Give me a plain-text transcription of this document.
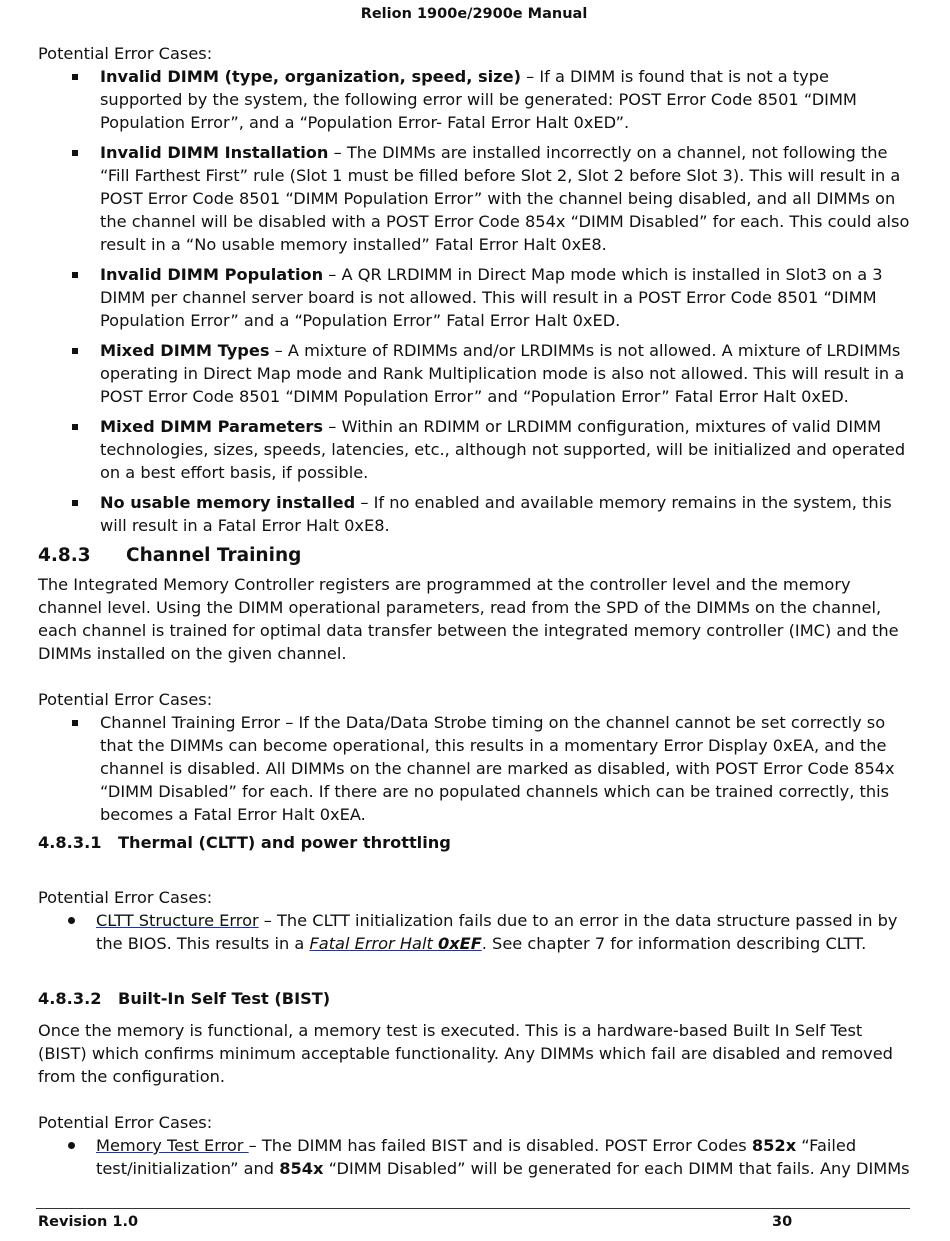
Relion 1900e/2900e Manual

Potential Error Cases:

Invalid DIMM (type, organization, speed, size) – If a DIMM is found that is not a type supported by the system, the following error will be generated: POST Error Code 8501 “DIMM Population Error”, and a “Population Error- Fatal Error Halt 0xED”.
Invalid DIMM Installation – The DIMMs are installed incorrectly on a channel, not following the “Fill Farthest First” rule (Slot 1 must be filled before Slot 2, Slot 2 before Slot 3). This will result in a POST Error Code 8501 “DIMM Population Error” with the channel being disabled, and all DIMMs on the channel will be disabled with a POST Error Code 854x “DIMM Disabled” for each. This could also result in a “No usable memory installed” Fatal Error Halt 0xE8.
Invalid DIMM Population – A QR LRDIMM in Direct Map mode which is installed in Slot3 on a 3 DIMM per channel server board is not allowed. This will result in a POST Error Code 8501 “DIMM Population Error” and a “Population Error” Fatal Error Halt 0xED.
Mixed DIMM Types – A mixture of RDIMMs and/or LRDIMMs is not allowed. A mixture of LRDIMMs operating in Direct Map mode and Rank Multiplication mode is also not allowed. This will result in a POST Error Code 8501 “DIMM Population Error” and “Population Error” Fatal Error Halt 0xED.
Mixed DIMM Parameters – Within an RDIMM or LRDIMM configuration, mixtures of valid DIMM technologies, sizes, speeds, latencies, etc., although not supported, will be initialized and operated on a best effort basis, if possible.
No usable memory installed – If no enabled and available memory remains in the system, this will result in a Fatal Error Halt 0xE8.
4.8.3 Channel Training

The Integrated Memory Controller registers are programmed at the controller level and the memory channel level. Using the DIMM operational parameters, read from the SPD of the DIMMs on the channel, each channel is trained for optimal data transfer between the integrated memory controller (IMC) and the DIMMs installed on the given channel.

Potential Error Cases:

Channel Training Error – If the Data/Data Strobe timing on the channel cannot be set correctly so that the DIMMs can become operational, this results in a momentary Error Display 0xEA, and the channel is disabled. All DIMMs on the channel are marked as disabled, with POST Error Code 854x “DIMM Disabled” for each. If there are no populated channels which can be trained correctly, this becomes a Fatal Error Halt 0xEA.
4.8.3.1 Thermal (CLTT) and power throttling

Potential Error Cases:

CLTT Structure Error – The CLTT initialization fails due to an error in the data structure passed in by the BIOS. This results in a Fatal Error Halt 0xEF. See chapter 7 for information describing CLTT.
4.8.3.2 Built-In Self Test (BIST)

Once the memory is functional, a memory test is executed. This is a hardware-based Built In Self Test (BIST) which confirms minimum acceptable functionality. Any DIMMs which fail are disabled and removed from the configuration.

Potential Error Cases:

Memory Test Error – The DIMM has failed BIST and is disabled. POST Error Codes 852x “Failed test/initialization” and 854x “DIMM Disabled” will be generated for each DIMM that fails. Any DIMMs
Revision 1.0	30
